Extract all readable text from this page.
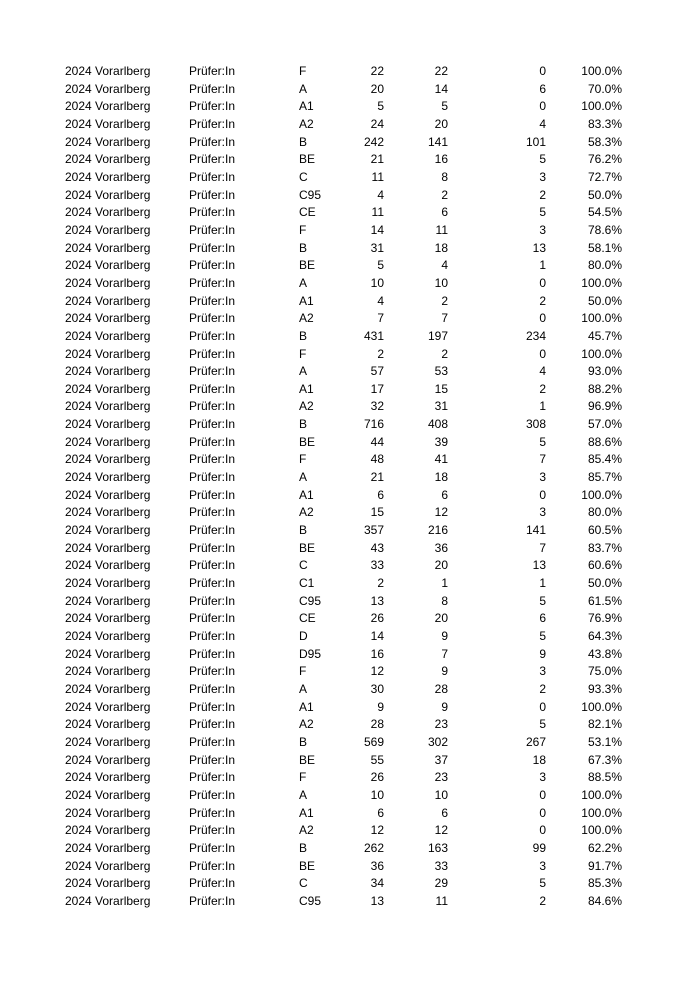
2024 Vorarlberg	Prüfer:In	F	22	22	0	100.0%
2024 Vorarlberg	Prüfer:In	A	20	14	6	70.0%
2024 Vorarlberg	Prüfer:In	A1	5	5	0	100.0%
2024 Vorarlberg	Prüfer:In	A2	24	20	4	83.3%
2024 Vorarlberg	Prüfer:In	B	242	141	101	58.3%
2024 Vorarlberg	Prüfer:In	BE	21	16	5	76.2%
2024 Vorarlberg	Prüfer:In	C	11	8	3	72.7%
2024 Vorarlberg	Prüfer:In	C95	4	2	2	50.0%
2024 Vorarlberg	Prüfer:In	CE	11	6	5	54.5%
2024 Vorarlberg	Prüfer:In	F	14	11	3	78.6%
2024 Vorarlberg	Prüfer:In	B	31	18	13	58.1%
2024 Vorarlberg	Prüfer:In	BE	5	4	1	80.0%
2024 Vorarlberg	Prüfer:In	A	10	10	0	100.0%
2024 Vorarlberg	Prüfer:In	A1	4	2	2	50.0%
2024 Vorarlberg	Prüfer:In	A2	7	7	0	100.0%
2024 Vorarlberg	Prüfer:In	B	431	197	234	45.7%
2024 Vorarlberg	Prüfer:In	F	2	2	0	100.0%
2024 Vorarlberg	Prüfer:In	A	57	53	4	93.0%
2024 Vorarlberg	Prüfer:In	A1	17	15	2	88.2%
2024 Vorarlberg	Prüfer:In	A2	32	31	1	96.9%
2024 Vorarlberg	Prüfer:In	B	716	408	308	57.0%
2024 Vorarlberg	Prüfer:In	BE	44	39	5	88.6%
2024 Vorarlberg	Prüfer:In	F	48	41	7	85.4%
2024 Vorarlberg	Prüfer:In	A	21	18	3	85.7%
2024 Vorarlberg	Prüfer:In	A1	6	6	0	100.0%
2024 Vorarlberg	Prüfer:In	A2	15	12	3	80.0%
2024 Vorarlberg	Prüfer:In	B	357	216	141	60.5%
2024 Vorarlberg	Prüfer:In	BE	43	36	7	83.7%
2024 Vorarlberg	Prüfer:In	C	33	20	13	60.6%
2024 Vorarlberg	Prüfer:In	C1	2	1	1	50.0%
2024 Vorarlberg	Prüfer:In	C95	13	8	5	61.5%
2024 Vorarlberg	Prüfer:In	CE	26	20	6	76.9%
2024 Vorarlberg	Prüfer:In	D	14	9	5	64.3%
2024 Vorarlberg	Prüfer:In	D95	16	7	9	43.8%
2024 Vorarlberg	Prüfer:In	F	12	9	3	75.0%
2024 Vorarlberg	Prüfer:In	A	30	28	2	93.3%
2024 Vorarlberg	Prüfer:In	A1	9	9	0	100.0%
2024 Vorarlberg	Prüfer:In	A2	28	23	5	82.1%
2024 Vorarlberg	Prüfer:In	B	569	302	267	53.1%
2024 Vorarlberg	Prüfer:In	BE	55	37	18	67.3%
2024 Vorarlberg	Prüfer:In	F	26	23	3	88.5%
2024 Vorarlberg	Prüfer:In	A	10	10	0	100.0%
2024 Vorarlberg	Prüfer:In	A1	6	6	0	100.0%
2024 Vorarlberg	Prüfer:In	A2	12	12	0	100.0%
2024 Vorarlberg	Prüfer:In	B	262	163	99	62.2%
2024 Vorarlberg	Prüfer:In	BE	36	33	3	91.7%
2024 Vorarlberg	Prüfer:In	C	34	29	5	85.3%
2024 Vorarlberg	Prüfer:In	C95	13	11	2	84.6%
